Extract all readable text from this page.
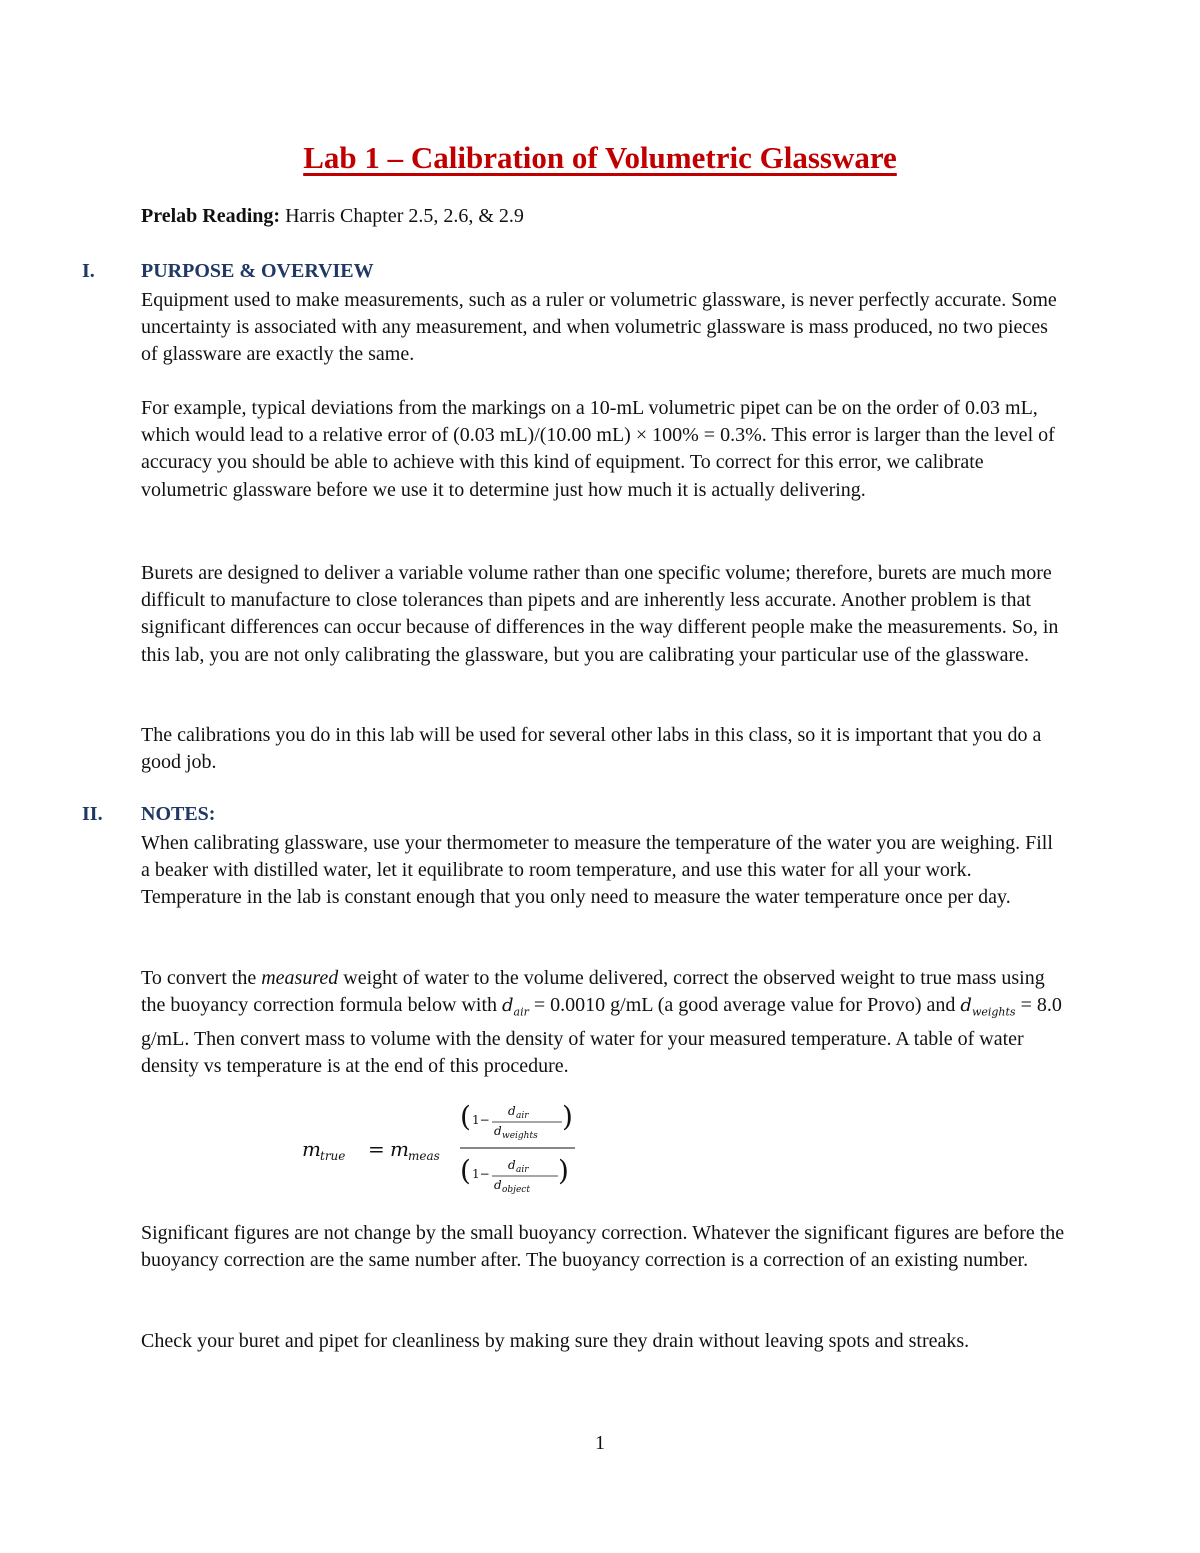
Lab 1 – Calibration of Volumetric Glassware

Prelab Reading: Harris Chapter 2.5, 2.6, & 2.9

I. PURPOSE & OVERVIEW

Equipment used to make measurements, such as a ruler or volumetric glassware, is never perfectly accurate. Some uncertainty is associated with any measurement, and when volumetric glassware is mass produced, no two pieces of glassware are exactly the same.

For example, typical deviations from the markings on a 10-mL volumetric pipet can be on the order of 0.03 mL, which would lead to a relative error of (0.03 mL)/(10.00 mL) × 100% = 0.3%. This error is larger than the level of accuracy you should be able to achieve with this kind of equipment. To correct for this error, we calibrate volumetric glassware before we use it to determine just how much it is actually delivering.

Burets are designed to deliver a variable volume rather than one specific volume; therefore, burets are much more difficult to manufacture to close tolerances than pipets and are inherently less accurate. Another problem is that significant differences can occur because of differences in the way different people make the measurements. So, in this lab, you are not only calibrating the glassware, but you are calibrating your particular use of the glassware.

The calibrations you do in this lab will be used for several other labs in this class, so it is important that you do a good job.

II. NOTES:

When calibrating glassware, use your thermometer to measure the temperature of the water you are weighing. Fill a beaker with distilled water, let it equilibrate to room temperature, and use this water for all your work. Temperature in the lab is constant enough that you only need to measure the water temperature once per day.

To convert the measured weight of water to the volume delivered, correct the observed weight to true mass using the buoyancy correction formula below with $d_{air} = 0.0010$ g/mL (a good average value for Provo) and $d_{weights} = 8.0$ g/mL. Then convert mass to volume with the density of water for your measured temperature. A table of water density vs temperature is at the end of this procedure.

m true = m meas
( 1−
d air
d weights
)
( 1−
d air
d object
)

Significant figures are not change by the small buoyancy correction. Whatever the significant figures are before the buoyancy correction are the same number after. The buoyancy correction is a correction of an existing number.

Check your buret and pipet for cleanliness by making sure they drain without leaving spots and streaks.

1
